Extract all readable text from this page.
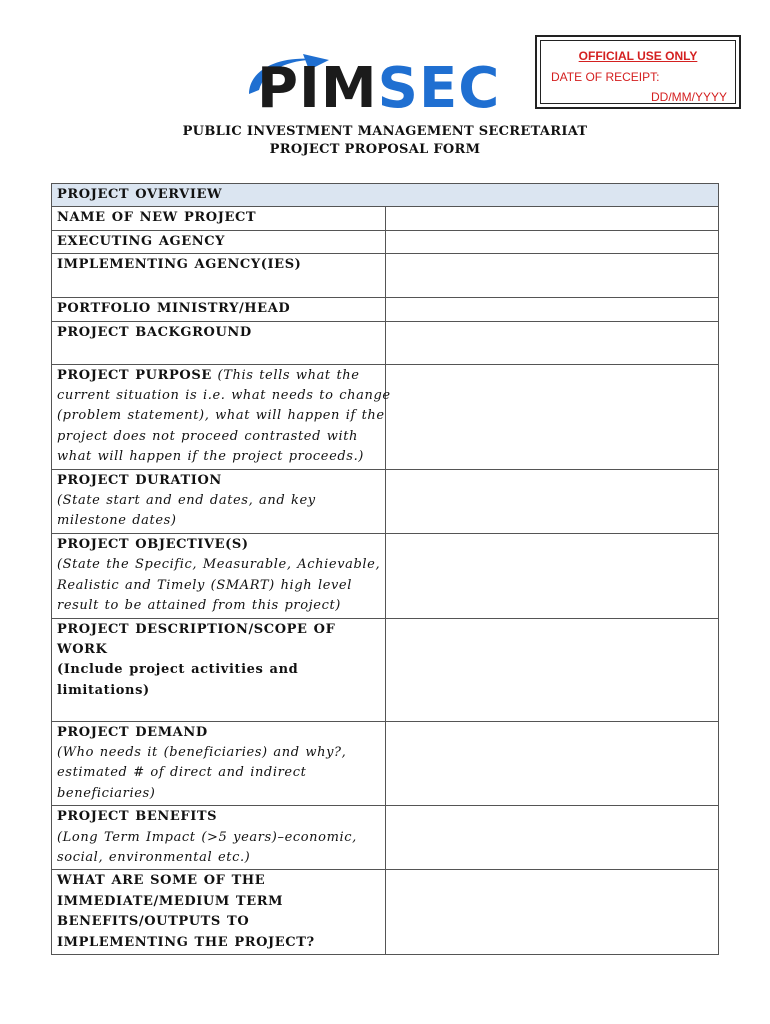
PIMSEC	OFFICIAL USE ONLY
DATE OF RECEIPT:
DD/MM/YYYY
PUBLIC INVESTMENT MANAGEMENT SECRETARIAT
PROJECT PROPOSAL FORM
PROJECT OVERVIEW	
NAME OF NEW PROJECT	
EXECUTING AGENCY	
IMPLEMENTING AGENCY(IES)	
PORTFOLIO MINISTRY/HEAD	
PROJECT BACKGROUND	

PROJECT PURPOSE (This tells what the
current situation is i.e. what needs to change
(problem statement), what will happen if the
project does not proceed contrasted with
what will happen if the project proceeds.)	

PROJECT DURATION
(State start and end dates, and key
milestone dates)	

PROJECT OBJECTIVE(S)
(State the Specific, Measurable, Achievable,
Realistic and Timely (SMART) high level
result to be attained from this project)	

PROJECT DESCRIPTION/SCOPE OF
WORK
(Include project activities and
limitations)	

PROJECT DEMAND
(Who needs it (beneficiaries) and why?,
estimated # of direct and indirect
beneficiaries)	

PROJECT BENEFITS
(Long Term Impact (>5 years)–economic,
social, environmental etc.)	

WHAT ARE SOME OF THE
IMMEDIATE/MEDIUM TERM
BENEFITS/OUTPUTS TO
IMPLEMENTING THE PROJECT?	
